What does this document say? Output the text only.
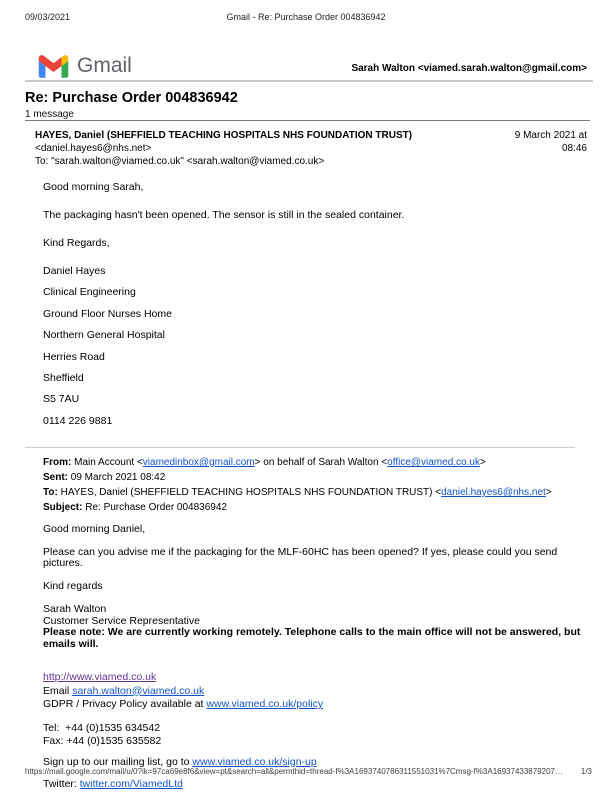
09/03/2021	Gmail - Re: Purchase Order 004836942
Gmail	Sarah Walton <viamed.sarah.walton@gmail.com>
Re: Purchase Order 004836942
1 message
HAYES, Daniel (SHEFFIELD TEACHING HOSPITALS NHS FOUNDATION TRUST)
<daniel.hayes6@nhs.net>
To: "sarah.walton@viamed.co.uk" <sarah.walton@viamed.co.uk>
9 March 2021 at
08:46

Good morning Sarah,

The packaging hasn't been opened. The sensor is still in the sealed container.

Kind Regards,

Daniel Hayes

Clinical Engineering

Ground Floor Nurses Home

Northern General Hospital

Herries Road

Sheffield

S5 7AU

0114 226 9881

From: Main Account <viamedinbox@gmail.com> on behalf of Sarah Walton <office@viamed.co.uk>
Sent: 09 March 2021 08:42
To: HAYES, Daniel (SHEFFIELD TEACHING HOSPITALS NHS FOUNDATION TRUST) <daniel.hayes6@nhs.net>
Subject: Re: Purchase Order 004836942

Good morning Daniel,

Please can you advise me if the packaging for the MLF-60HC has been opened? If yes, please could you send pictures.

Kind regards

Sarah Walton
Customer Service Representative
Please note: We are currently working remotely. Telephone calls to the main office will not be answered, but emails will.
http://www.viamed.co.uk
Email sarah.walton@viamed.co.uk
GDPR / Privacy Policy available at www.viamed.co.uk/policy
Tel:  +44 (0)1535 634542
Fax: +44 (0)1535 635582
Sign up to our mailing list, go to www.viamed.co.uk/sign-up
Twitter: twitter.com/ViamedLtd
https://mail.google.com/mail/u/0?ik=97ca69e8f6&view=pt&search=all&permthid=thread-f%3A1693740786311551031%7Cmsg-f%3A16937433879207… 1/3
